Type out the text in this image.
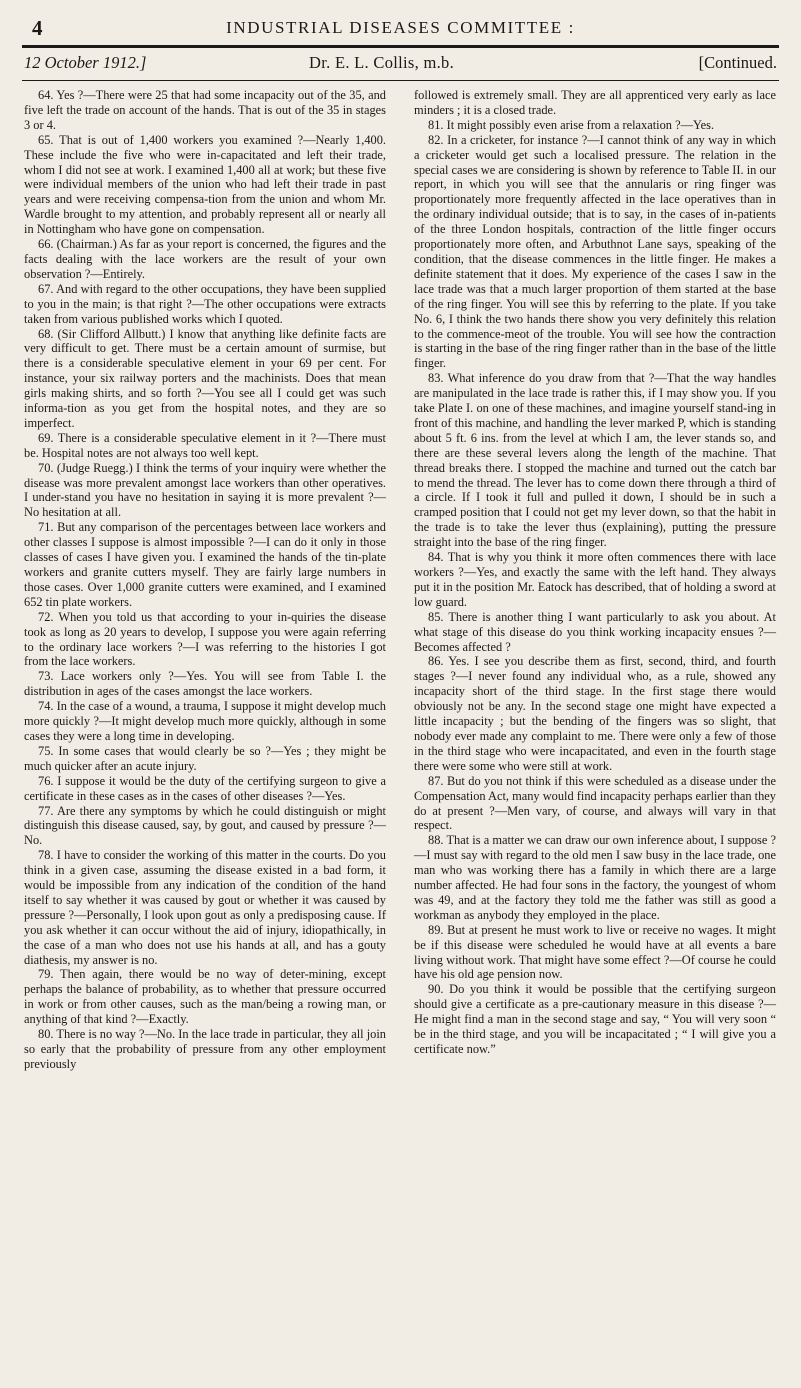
4	INDUSTRIAL DISEASES COMMITTEE :
12 October 1912.]	Dr. E. L. Collis, m.b.	[Continued.

64. Yes ?—There were 25 that had some incapacity out of the 35, and five left the trade on account of the hands. That is out of the 35 in stages 3 or 4.

65. That is out of 1,400 workers you examined ?—Nearly 1,400. These include the five who were in-capacitated and left their trade, whom I did not see at work. I examined 1,400 all at work; but these five were individual members of the union who had left their trade in past years and were receiving compensa-tion from the union and whom Mr. Wardle brought to my attention, and probably represent all or nearly all in Nottingham who have gone on compensation.

66. (Chairman.) As far as your report is concerned, the figures and the facts dealing with the lace workers are the result of your own observation ?—Entirely.

67. And with regard to the other occupations, they have been supplied to you in the main; is that right ?—The other occupations were extracts taken from various published works which I quoted.

68. (Sir Clifford Allbutt.) I know that anything like definite facts are very difficult to get. There must be a certain amount of surmise, but there is a considerable speculative element in your 69 per cent. For instance, your six railway porters and the machinists. Does that mean girls making shirts, and so forth ?—You see all I could get was such informa-tion as you get from the hospital notes, and they are so imperfect.

69. There is a considerable speculative element in it ?—There must be. Hospital notes are not always too well kept.

70. (Judge Ruegg.) I think the terms of your inquiry were whether the disease was more prevalent amongst lace workers than other operatives. I under-stand you have no hesitation in saying it is more prevalent ?—No hesitation at all.

71. But any comparison of the percentages between lace workers and other classes I suppose is almost impossible ?—I can do it only in those classes of cases I have given you. I examined the hands of the tin-plate workers and granite cutters myself. They are fairly large numbers in those cases. Over 1,000 granite cutters were examined, and I examined 652 tin plate workers.

72. When you told us that according to your in-quiries the disease took as long as 20 years to develop, I suppose you were again referring to the ordinary lace workers ?—I was referring to the histories I got from the lace workers.

73. Lace workers only ?—Yes. You will see from Table I. the distribution in ages of the cases amongst the lace workers.

74. In the case of a wound, a trauma, I suppose it might develop much more quickly ?—It might develop much more quickly, although in some cases they were a long time in developing.

75. In some cases that would clearly be so ?—Yes ; they might be much quicker after an acute injury.

76. I suppose it would be the duty of the certifying surgeon to give a certificate in these cases as in the cases of other diseases ?—Yes.

77. Are there any symptoms by which he could distinguish or might distinguish this disease caused, say, by gout, and caused by pressure ?—No.

78. I have to consider the working of this matter in the courts. Do you think in a given case, assuming the disease existed in a bad form, it would be impossible from any indication of the condition of the hand itself to say whether it was caused by gout or whether it was caused by pressure ?—Personally, I look upon gout as only a predisposing cause. If you ask whether it can occur without the aid of injury, idiopathically, in the case of a man who does not use his hands at all, and has a gouty diathesis, my answer is no.

79. Then again, there would be no way of deter-mining, except perhaps the balance of probability, as to whether that pressure occurred in work or from other causes, such as the man/being a rowing man, or anything of that kind ?—Exactly.

80. There is no way ?—No. In the lace trade in particular, they all join so early that the probability of pressure from any other employment previously

followed is extremely small. They are all apprenticed very early as lace minders ; it is a closed trade.

81. It might possibly even arise from a relaxation ?—Yes.

82. In a cricketer, for instance ?—I cannot think of any way in which a cricketer would get such a localised pressure. The relation in the special cases we are considering is shown by reference to Table II. in our report, in which you will see that the annularis or ring finger was proportionately more frequently affected in the lace operatives than in the ordinary individual outside; that is to say, in the cases of in-patients of the three London hospitals, contraction of the little finger occurs proportionately more often, and Arbuthnot Lane says, speaking of the condition, that the disease commences in the little finger. He makes a definite statement that it does. My experience of the cases I saw in the lace trade was that a much larger proportion of them started at the base of the ring finger. You will see this by referring to the plate. If you take No. 6, I think the two hands there show you very definitely this relation to the commence-meot of the trouble. You will see how the contraction is starting in the base of the ring finger rather than in the base of the little finger.

83. What inference do you draw from that ?—That the way handles are manipulated in the lace trade is rather this, if I may show you. If you take Plate I. on one of these machines, and imagine yourself stand-ing in front of this machine, and handling the lever marked P, which is standing about 5 ft. 6 ins. from the level at which I am, the lever stands so, and there are these several levers along the length of the machine. That thread breaks there. I stopped the machine and turned out the catch bar to mend the thread. The lever has to come down there through a third of a circle. If I took it full and pulled it down, I should be in such a cramped position that I could not get my lever down, so that the habit in the trade is to take the lever thus (explaining), putting the pressure straight into the base of the ring finger.

84. That is why you think it more often commences there with lace workers ?—Yes, and exactly the same with the left hand. They always put it in the position Mr. Eatock has described, that of holding a sword at low guard.

85. There is another thing I want particularly to ask you about. At what stage of this disease do you think working incapacity ensues ?—Becomes affected ?

86. Yes. I see you describe them as first, second, third, and fourth stages ?—I never found any individual who, as a rule, showed any incapacity short of the third stage. In the first stage there would obviously not be any. In the second stage one might have expected a little incapacity ; but the bending of the fingers was so slight, that nobody ever made any complaint to me. There were only a few of those in the third stage who were incapacitated, and even in the fourth stage there were some who were still at work.

87. But do you not think if this were scheduled as a disease under the Compensation Act, many would find incapacity perhaps earlier than they do at present ?—Men vary, of course, and always will vary in that respect.

88. That is a matter we can draw our own inference about, I suppose ?—I must say with regard to the old men I saw busy in the lace trade, one man who was working there has a family in which there are a large number affected. He had four sons in the factory, the youngest of whom was 49, and at the factory they told me the father was still as good a workman as anybody they employed in the place.

89. But at present he must work to live or receive no wages. It might be if this disease were scheduled he would have at all events a bare living without work. That might have some effect ?—Of course he could have his old age pension now.

90. Do you think it would be possible that the certifying surgeon should give a certificate as a pre-cautionary measure in this disease ?—He might find a man in the second stage and say, “ You will very soon “ be in the third stage, and you will be incapacitated ; “ I will give you a certificate now.”
